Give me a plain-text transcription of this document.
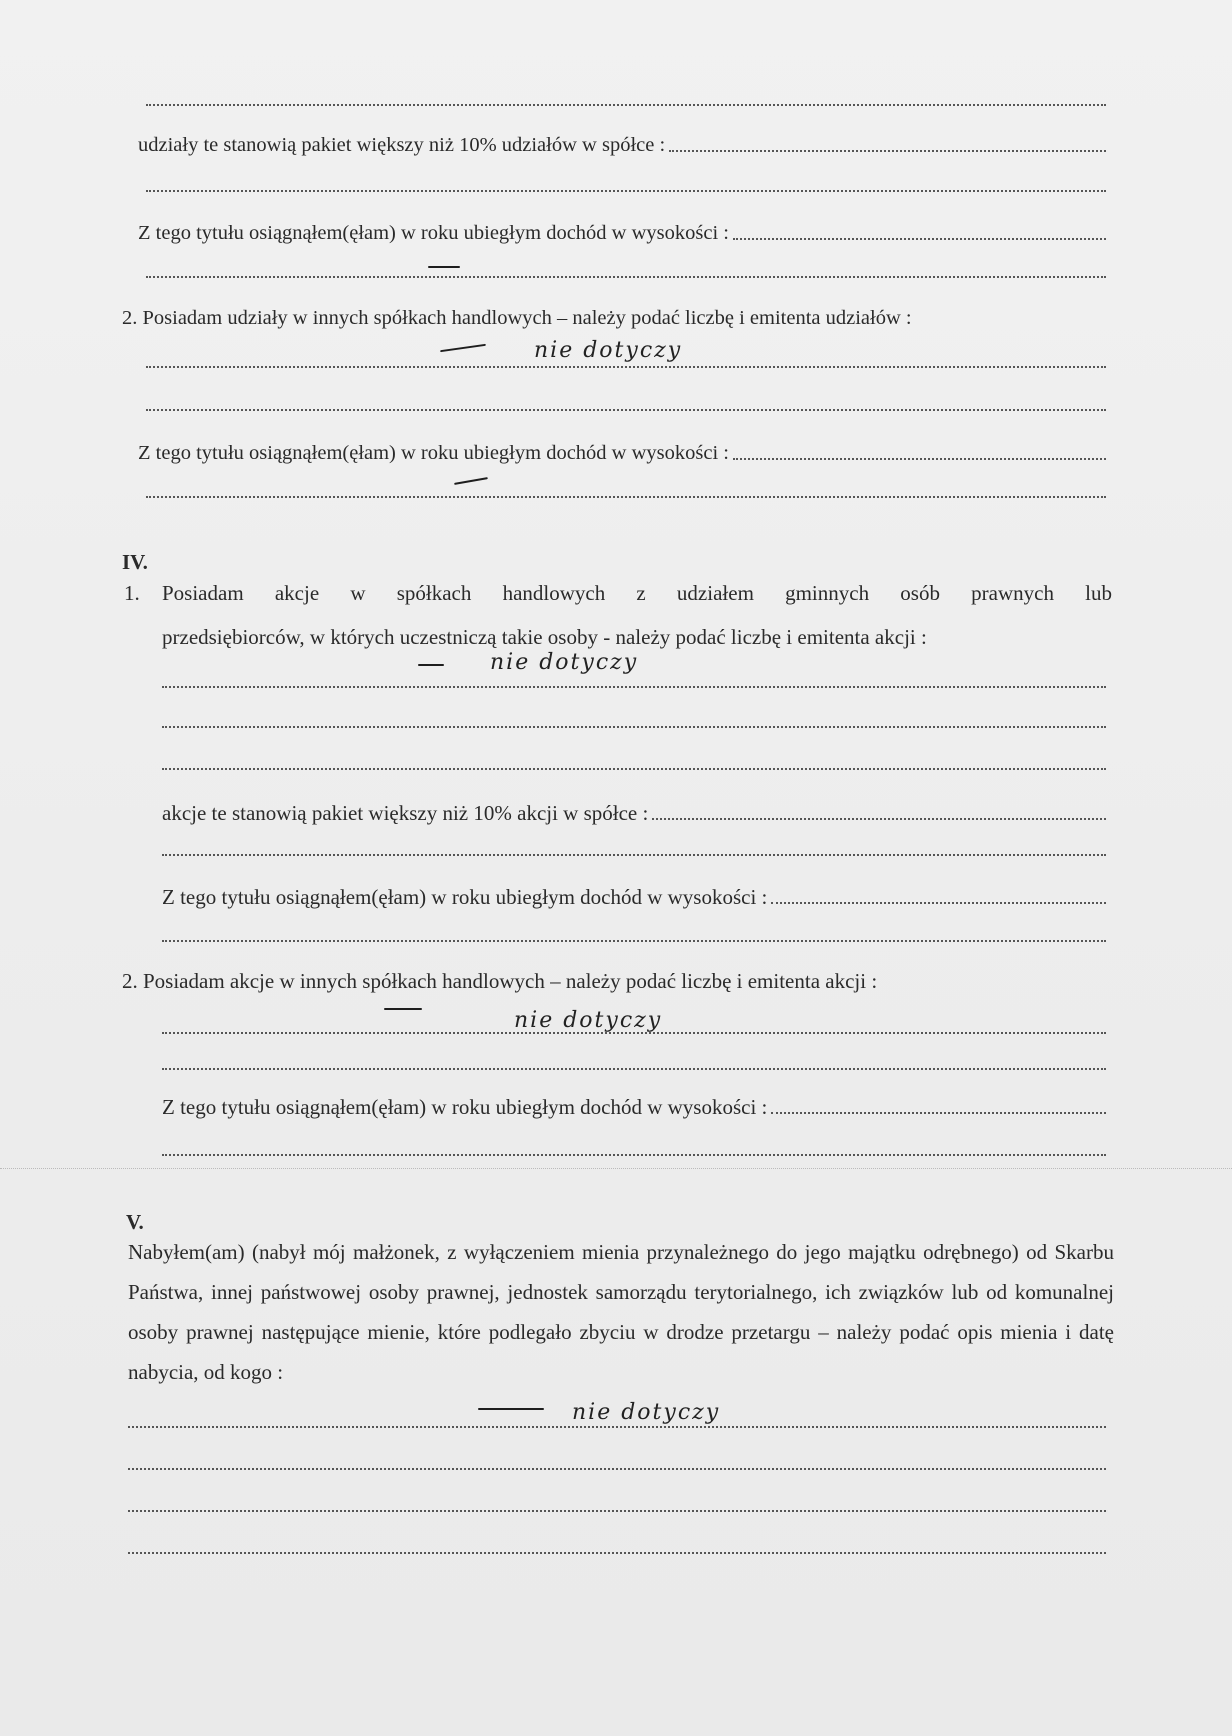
udziały te stanowią pakiet większy niż 10% udziałów w spółce :
Z tego tytułu osiągnąłem(ęłam) w roku ubiegłym dochód w wysokości :
2. Posiadam udziały w innych spółkach handlowych – należy podać liczbę i emitenta udziałów :
nie dotyczy
Z tego tytułu osiągnąłem(ęłam) w roku ubiegłym dochód w wysokości :
IV.
1. Posiadam akcje w spółkach handlowych z udziałem gminnych osób prawnych lub
przedsiębiorców, w których uczestniczą takie osoby - należy podać liczbę i emitenta akcji :
nie dotyczy
akcje te stanowią pakiet większy niż 10% akcji w spółce :
Z tego tytułu osiągnąłem(ęłam) w roku ubiegłym dochód w wysokości :
2. Posiadam akcje w innych spółkach handlowych – należy podać liczbę i emitenta akcji :
nie dotyczy
Z tego tytułu osiągnąłem(ęłam) w roku ubiegłym dochód w wysokości :
V.
Nabyłem(am) (nabył mój małżonek, z wyłączeniem mienia przynależnego do jego majątku odrębnego) od Skarbu Państwa, innej państwowej osoby prawnej, jednostek samorządu terytorialnego, ich związków lub od komunalnej osoby prawnej następujące mienie, które podlegało zbyciu w drodze przetargu – należy podać opis mienia i datę nabycia, od kogo :
nie dotyczy
